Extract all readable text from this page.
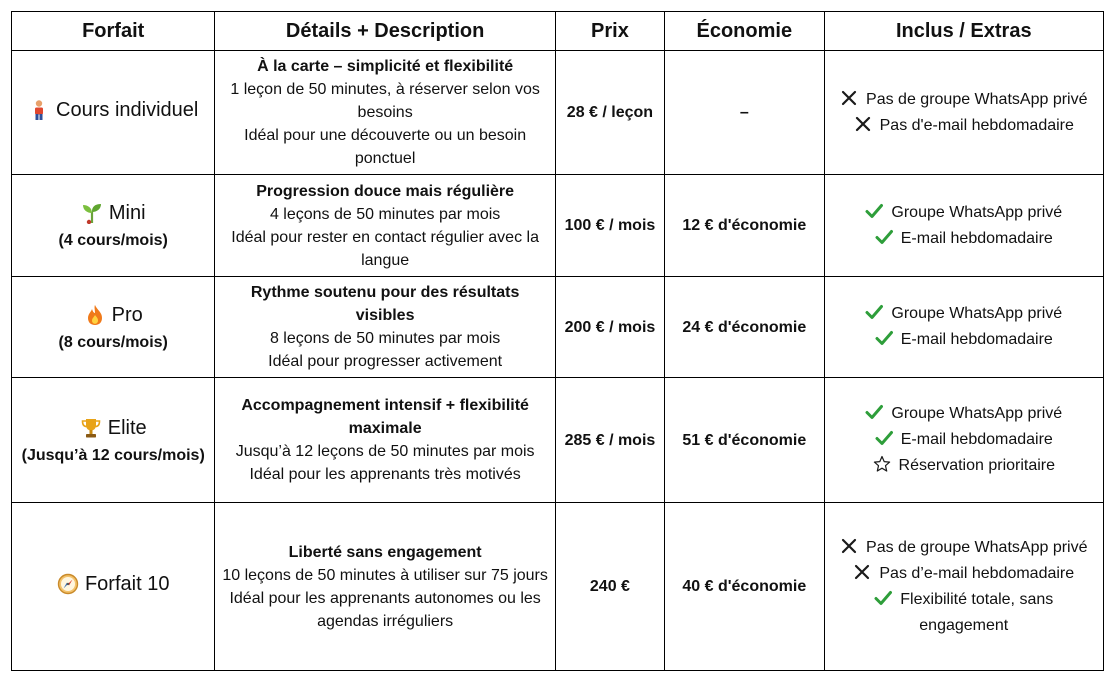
Forfait	Détails + Description	Prix	Économie	Inclus / Extras

Cours individuel	À la carte – simplicité et flexibilité
1 leçon de 50 minutes, à réserver selon vos besoins
Idéal pour une découverte ou un besoin ponctuel	28 € / leçon	–	Pas de groupe WhatsApp privé
Pas d'e-mail hebdomadaire

Mini
(4 cours/mois)	Progression douce mais régulière
4 leçons de 50 minutes par mois
Idéal pour rester en contact régulier avec la langue	100 € / mois	12 € d'économie	Groupe WhatsApp privé
E-mail hebdomadaire

Pro
(8 cours/mois)	Rythme soutenu pour des résultats visibles
8 leçons de 50 minutes par mois
Idéal pour progresser activement	200 € / mois	24 € d'économie	Groupe WhatsApp privé
E-mail hebdomadaire

Elite
(Jusqu’à 12 cours/mois)	Accompagnement intensif + flexibilité maximale
Jusqu’à 12 leçons de 50 minutes par mois
Idéal pour les apprenants très motivés	285 € / mois	51 € d'économie	Groupe WhatsApp privé
E-mail hebdomadaire
Réservation prioritaire

Forfait 10	Liberté sans engagement
10 leçons de 50 minutes à utiliser sur 75 jours
Idéal pour les apprenants autonomes ou les agendas irréguliers	240 €	40 € d'économie	Pas de groupe WhatsApp privé
Pas d’e-mail hebdomadaire
Flexibilité totale, sans engagement
